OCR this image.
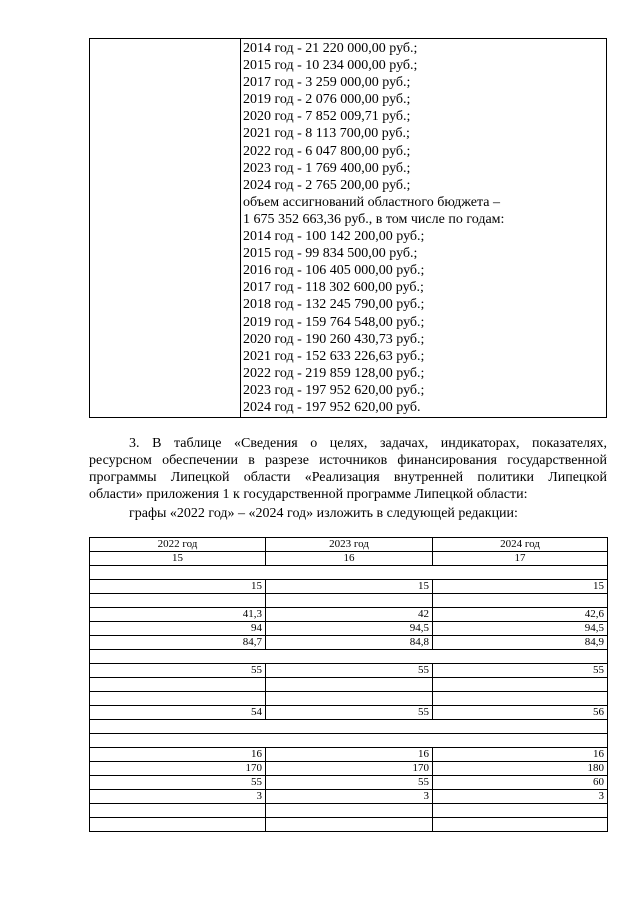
2014 год - 21 220 000,00 руб.;
2015 год - 10 234 000,00 руб.;
2017 год - 3 259 000,00 руб.;
2019 год - 2 076 000,00 руб.;
2020 год - 7 852 009,71 руб.;
2021 год - 8 113 700,00 руб.;
2022 год - 6 047 800,00 руб.;
2023 год - 1 769 400,00 руб.;
2024 год - 2 765 200,00 руб.;
объем ассигнований областного бюджета –
1 675 352 663,36 руб., в том числе по годам:
2014 год - 100 142 200,00 руб.;
2015 год - 99 834 500,00 руб.;
2016 год - 106 405 000,00 руб.;
2017 год - 118 302 600,00 руб.;
2018 год - 132 245 790,00 руб.;
2019 год - 159 764 548,00 руб.;
2020 год - 190 260 430,73 руб.;
2021 год - 152 633 226,63 руб.;
2022 год - 219 859 128,00 руб.;
2023 год - 197 952 620,00 руб.;
2024 год - 197 952 620,00 руб.
3. В таблице «Сведения о целях, задачах, индикаторах, показателях,
ресурсном обеспечении в разрезе источников финансирования государственной
программы Липецкой области «Реализация внутренней политики Липецкой
области» приложения 1 к государственной программе Липецкой области:
графы «2022 год» – «2024 год» изложить в следующей редакции:
2022 год	2023 год	2024 год
15	16	17

15	15	15

41,3	42	42,6
94	94,5	94,5
84,7	84,8	84,9

55	55	55

54	55	56

16	16	16
170	170	180
55	55	60
3	3	3
